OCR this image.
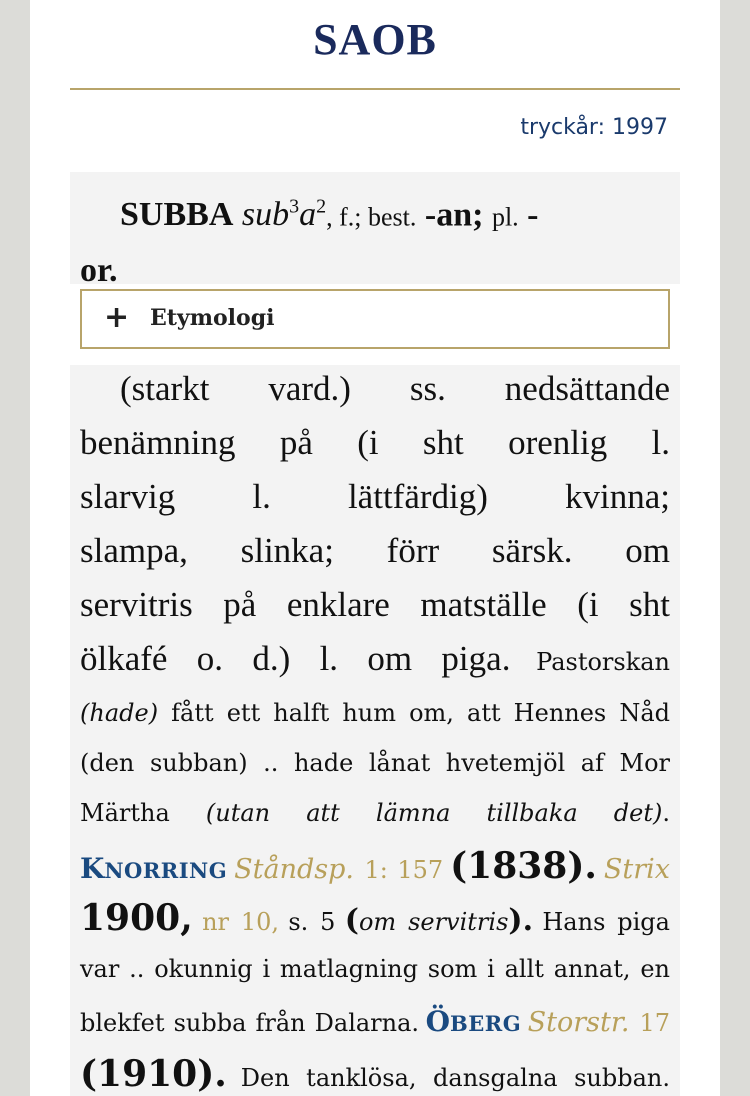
SAOB
tryckår: 1997
SUBBA $sub^3a^2$, f.; best. -an; pl. -
or.
+ Etymologi
(starkt vard.) ss. nedsättande
benämning på (i sht orenlig l.
slarvig l. lättfärdig) kvinna;
slampa, slinka; förr särsk. om
servitris på enklare matställe (i sht
ölkafé o. d.) l. om piga. Pastorskan
(hade) fått ett halft hum om, att Hennes Nåd
(den subban) .. hade lånat hvetemjöl af Mor
Märtha (utan att lämna tillbaka det).
KNORRING Ståndsp. 1: 157 (1838). Strix
1900, nr 10, s. 5 (om servitris). Hans piga
var .. okunnig i matlagning som i allt annat, en
blekfet subba från Dalarna. ÖBERG Storstr. 17
(1910). Den tanklösa, dansgalna subban.
